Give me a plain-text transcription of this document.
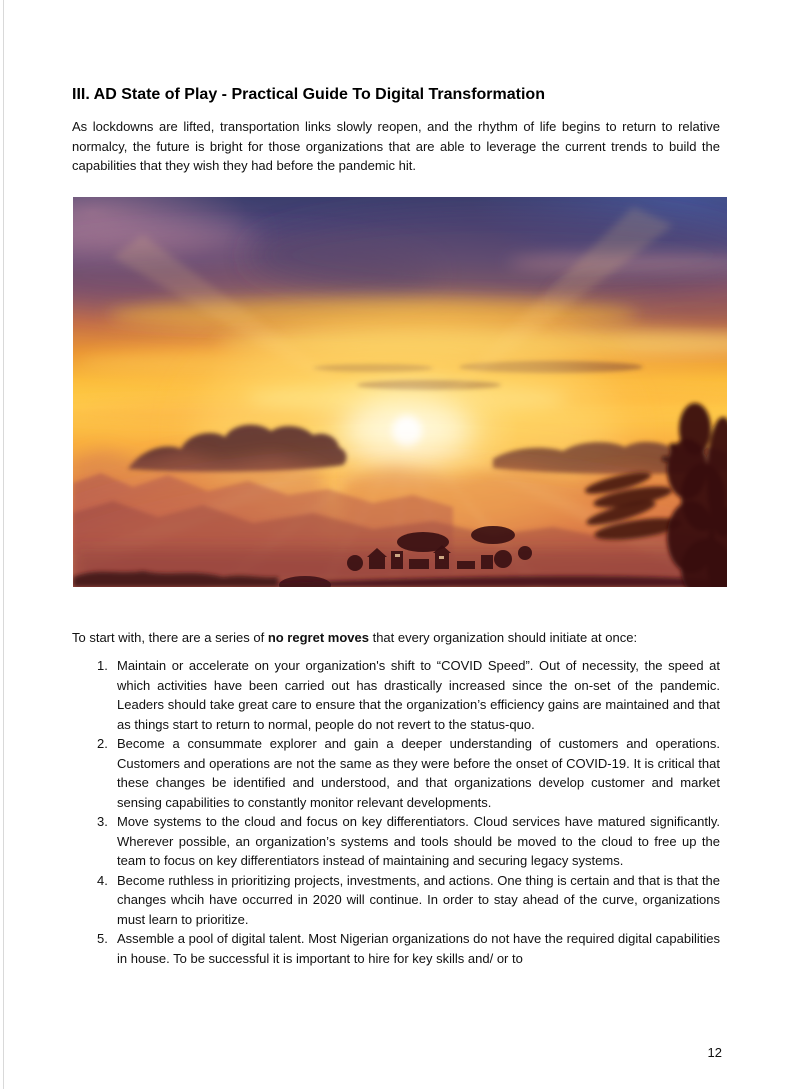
III. AD State of Play - Practical Guide To Digital Transformation

As lockdowns are lifted, transportation links slowly reopen, and the rhythm of life begins to return to relative normalcy, the future is bright for those organizations that are able to leverage the current trends to build the capabilities that they wish they had before the pandemic hit.

To start with, there are a series of no regret moves that every organization should initiate at once:

1. Maintain or accelerate on your organization's shift to “COVID Speed”. Out of necessity, the speed at which activities have been carried out has drastically increased since the on-set of the pandemic. Leaders should take great care to ensure that the organization’s efficiency gains are maintained and that as things start to return to normal, people do not revert to the status-quo.
2. Become a consummate explorer and gain a deeper understanding of customers and operations. Customers and operations are not the same as they were before the onset of COVID-19. It is critical that these changes be identified and understood, and that organizations develop customer and market sensing capabilities to constantly monitor relevant developments.
3. Move systems to the cloud and focus on key differentiators. Cloud services have matured significantly. Wherever possible, an organization’s systems and tools should be moved to the cloud to free up the team to focus on key differentiators instead of maintaining and securing legacy systems.
4. Become ruthless in prioritizing projects, investments, and actions. One thing is certain and that is that the changes whcih have occurred in 2020 will continue. In order to stay ahead of the curve, organizations must learn to prioritize.
5. Assemble a pool of digital talent. Most Nigerian organizations do not have the required digital capabilities in house. To be successful it is important to hire for key skills and/ or to
12
